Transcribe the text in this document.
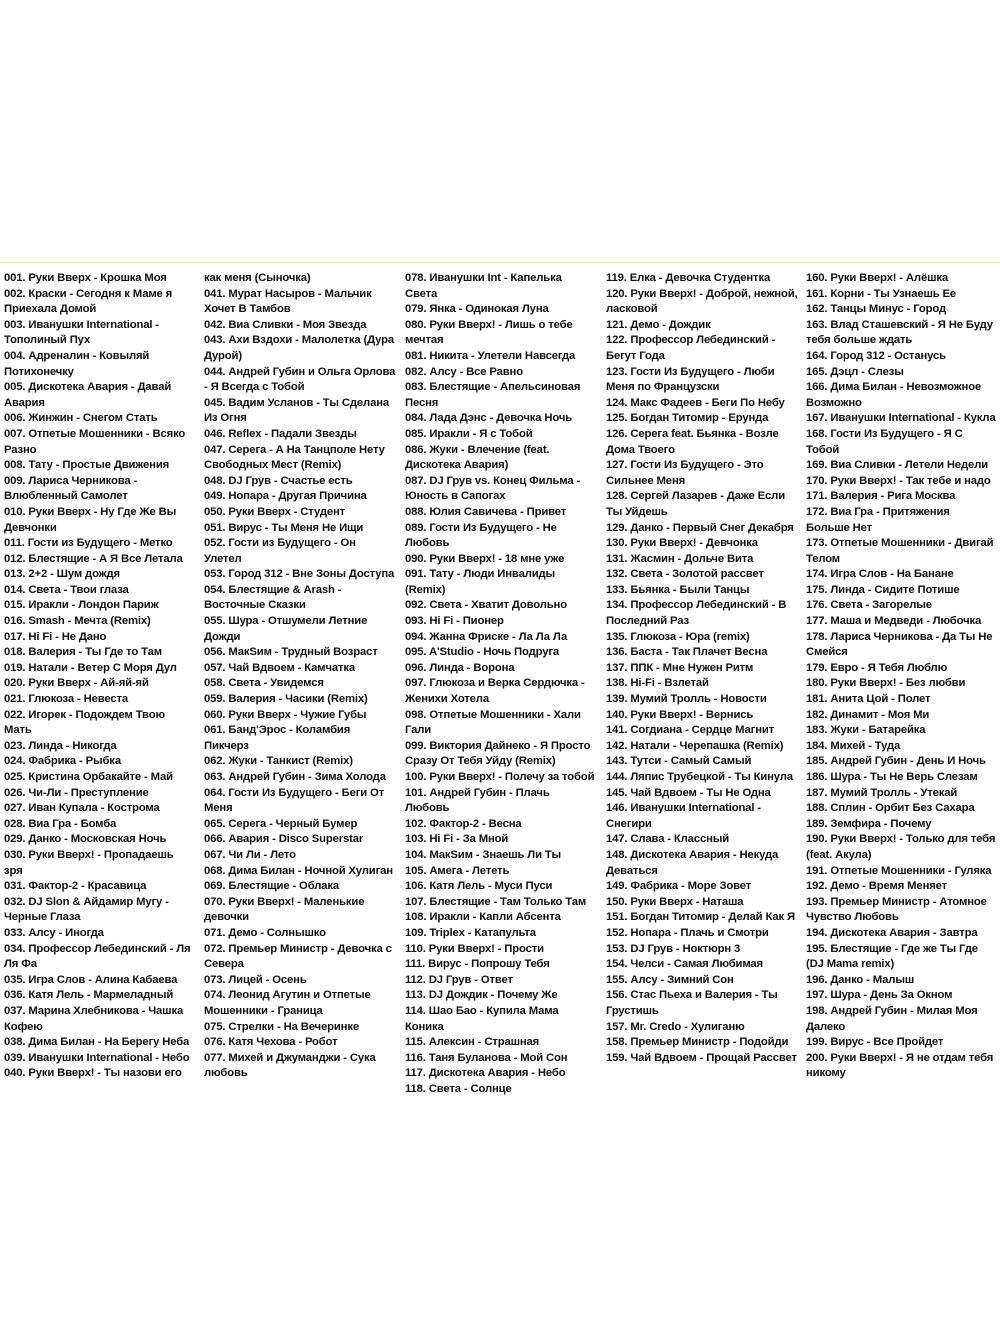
001. Руки Вверх - Крошка Моя
002. Краски - Сегодня к Маме я Приехала Домой
003. Иванушки International - Тополиный Пух
004. Адреналин - Ковыляй Потихонечку
005. Дискотека Авария - Давай Авария
006. Жинжин - Снегом Стать
007. Отпетые Мошенники - Всяко Разно
008. Тату - Простые Движения
009. Лариса Черникова - Влюбленный Самолет
010. Руки Вверх - Ну Где Же Вы Девчонки
011. Гости из Будущего - Метко
012. Блестящие - А Я Все Летала
013. 2+2 - Шум дождя
014. Света - Твои глаза
015. Иракли - Лондон Париж
016. Smash - Мечта (Remix)
017. Hi Fi - Не Дано
018. Валерия - Ты Где то Там
019. Натали - Ветер С Моря Дул
020. Руки Вверх - Ай-яй-яй
021. Глюкоза - Невеста
022. Игорек - Подождем Твою Мать
023. Линда - Никогда
024. Фабрика - Рыбка
025. Кристина Орбакайте - Май
026. Чи-Ли - Преступление
027. Иван Купала - Кострома
028. Виа Гра - Бомба
029. Данко - Московская Ночь
030. Руки Вверх! - Пропадаешь зря
031. Фактор-2 - Красавица
032. DJ Slon & Айдамир Мугу - Черные Глаза
033. Алсу - Иногда
034. Профессор Лебединский - Ля Ля Фа
035. Игра Слов - Алина Кабаева
036. Катя Лель - Мармеладный
037. Марина Хлебникова - Чашка Кофею
038. Дима Билан - На Берегу Неба
039. Иванушки International - Небо
040. Руки Вверх! - Ты назови его
как меня (Сыночка)
041. Мурат Насыров - Мальчик Хочет В Тамбов
042. Виа Сливки - Моя Звезда
043. Ахи Вздохи - Малолетка (Дура Дурой)
044. Андрей Губин и Ольга Орлова - Я Всегда с Тобой
045. Вадим Усланов - Ты Сделана Из Огня
046. Reflex - Падали Звезды
047. Серега - А На Танцполе Нету Свободных Мест (Remix)
048. DJ Грув - Счастье есть
049. Нопара - Другая Причина
050. Руки Вверх - Студент
051. Вирус - Ты Меня Не Ищи
052. Гости из Будущего - Он Улетел
053. Город 312 - Вне Зоны Доступа
054. Блестящие & Arash - Восточные Сказки
055. Шура - Отшумели Летние Дожди
056. МакSим - Трудный Возраст
057. Чай Вдвоем - Камчатка
058. Света - Увидемся
059. Валерия - Часики (Remix)
060. Руки Вверх - Чужие Губы
061. Банд'Эрос - Коламбия Пикчерз
062. Жуки - Танкист (Remix)
063. Андрей Губин - Зима Холода
064. Гости Из Будущего - Беги От Меня
065. Серега - Черный Бумер
066. Авария - Disco Superstar
067. Чи Ли - Лето
068. Дима Билан - Ночной Хулиган
069. Блестящие - Облака
070. Руки Вверх! - Маленькие девочки
071. Демо - Солнышко
072. Премьер Министр - Девочка с Севера
073. Лицей - Осень
074. Леонид Агутин и Отпетые Мошенники - Граница
075. Стрелки - На Вечеринке
076. Катя Чехова - Робот
077. Михей и Джуманджи - Сука любовь
078. Иванушки Int - Капелька Света
079. Янка - Одинокая Луна
080. Руки Вверх! - Лишь о тебе мечтая
081. Никита - Улетели Навсегда
082. Алсу - Все Равно
083. Блестящие - Апельсиновая Песня
084. Лада Дэнс - Девочка Ночь
085. Иракли - Я с Тобой
086. Жуки - Влечение (feat. Дискотека Авария)
087. DJ Грув vs. Конец Фильма - Юность в Сапогах
088. Юлия Савичева - Привет
089. Гости Из Будущего - Не Любовь
090. Руки Вверх! - 18 мне уже
091. Тату - Люди Инвалиды (Remix)
092. Света - Хватит Довольно
093. Hi Fi - Пионер
094. Жанна Фриске - Ла Ла Ла
095. A'Studio - Ночь Подруга
096. Линда - Ворона
097. Глюкоза и Верка Сердючка - Женихи Хотела
098. Отпетые Мошенники - Хали Гали
099. Виктория Дайнеко - Я Просто Сразу От Тебя Уйду (Remix)
100. Руки Вверх! - Полечу за тобой
101. Андрей Губин - Плачь Любовь
102. Фактор-2 - Весна
103. Hi Fi - За Мной
104. МакSим - Знаешь Ли Ты
105. Амега - Лететь
106. Катя Лель - Муси Пуси
107. Блестящие - Там Только Там
108. Иракли - Капли Абсента
109. Triplex - Катапульта
110. Руки Вверх! - Прости
111. Вирус - Попрошу Тебя
112. DJ Грув - Ответ
113. DJ Дождик - Почему Же
114. Шао Бао - Купила Мама Коника
115. Алексин - Страшная
116. Таня Буланова - Мой Сон
117. Дискотека Авария - Небо
118. Света - Солнце
119. Елка - Девочка Студентка
120. Руки Вверх! - Доброй, нежной, ласковой
121. Демо - Дождик
122. Профессор Лебединский - Бегут Года
123. Гости Из Будущего - Люби Меня по Французски
124. Макс Фадеев - Беги По Небу
125. Богдан Титомир - Ерунда
126. Серега feat. Бьянка - Возле Дома Твоего
127. Гости Из Будущего - Это Сильнее Меня
128. Сергей Лазарев - Даже Если Ты Уйдешь
129. Данко - Первый Снег Декабря
130. Руки Вверх! - Девчонка
131. Жасмин - Дольче Вита
132. Света - Золотой рассвет
133. Бьянка - Были Танцы
134. Профессор Лебединский - В Последний Раз
135. Глюкоза - Юра (remix)
136. Баста - Так Плачет Весна
137. ППК - Мне Нужен Ритм
138. Hi-Fi - Взлетай
139. Мумий Тролль - Новости
140. Руки Вверх! - Вернись
141. Согдиана - Сердце Магнит
142. Натали - Черепашка (Remix)
143. Тутси - Самый Самый
144. Ляпис Трубецкой - Ты Кинула
145. Чай Вдвоем - Ты Не Одна
146. Иванушки International - Снегири
147. Слава - Классный
148. Дискотека Авария - Некуда Деваться
149. Фабрика - Море Зовет
150. Руки Вверх - Наташа
151. Богдан Титомир - Делай Как Я
152. Нопара - Плачь и Смотри
153. DJ Грув - Ноктюрн 3
154. Челси - Самая Любимая
155. Алсу - Зимний Сон
156. Стас Пьеха и Валерия - Ты Грустишь
157. Mr. Credo - Хулиганю
158. Премьер Министр - Подойди
159. Чай Вдвоем - Прощай Рассвет
160. Руки Вверх! - Алёшка
161. Корни - Ты Узнаешь Ее
162. Танцы Минус - Город
163. Влад Сташевский - Я Не Буду тебя больше ждать
164. Город 312 - Останусь
165. Дэцл - Слезы
166. Дима Билан - Невозможное Возможно
167. Иванушки International - Кукла
168. Гости Из Будущего - Я С Тобой
169. Виа Сливки - Летели Недели
170. Руки Вверх! - Так тебе и надо
171. Валерия - Рига Москва
172. Виа Гра - Притяжения Больше Нет
173. Отпетые Мошенники - Двигай Телом
174. Игра Слов - На Банане
175. Линда - Сидите Потише
176. Света - Загорелые
177. Маша и Медведи - Любочка
178. Лариса Черникова - Да Ты Не Смейся
179. Евро - Я Тебя Люблю
180. Руки Вверх! - Без любви
181. Анита Цой - Полет
182. Динамит - Моя Ми
183. Жуки - Батарейка
184. Михей - Туда
185. Андрей Губин - День И Ночь
186. Шура - Ты Не Верь Слезам
187. Мумий Тролль - Утекай
188. Сплин - Орбит Без Сахара
189. Земфира - Почему
190. Руки Вверх! - Только для тебя (feat. Акула)
191. Отпетые Мошенники - Гуляка
192. Демо - Время Меняет
193. Премьер Министр - Атомное Чувство Любовь
194. Дискотека Авария - Завтра
195. Блестящие - Где же Ты Где (DJ Mama remix)
196. Данко - Малыш
197. Шура - День За Окном
198. Андрей Губин - Милая Моя Далеко
199. Вирус - Все Пройдет
200. Руки Вверх! - Я не отдам тебя никому
